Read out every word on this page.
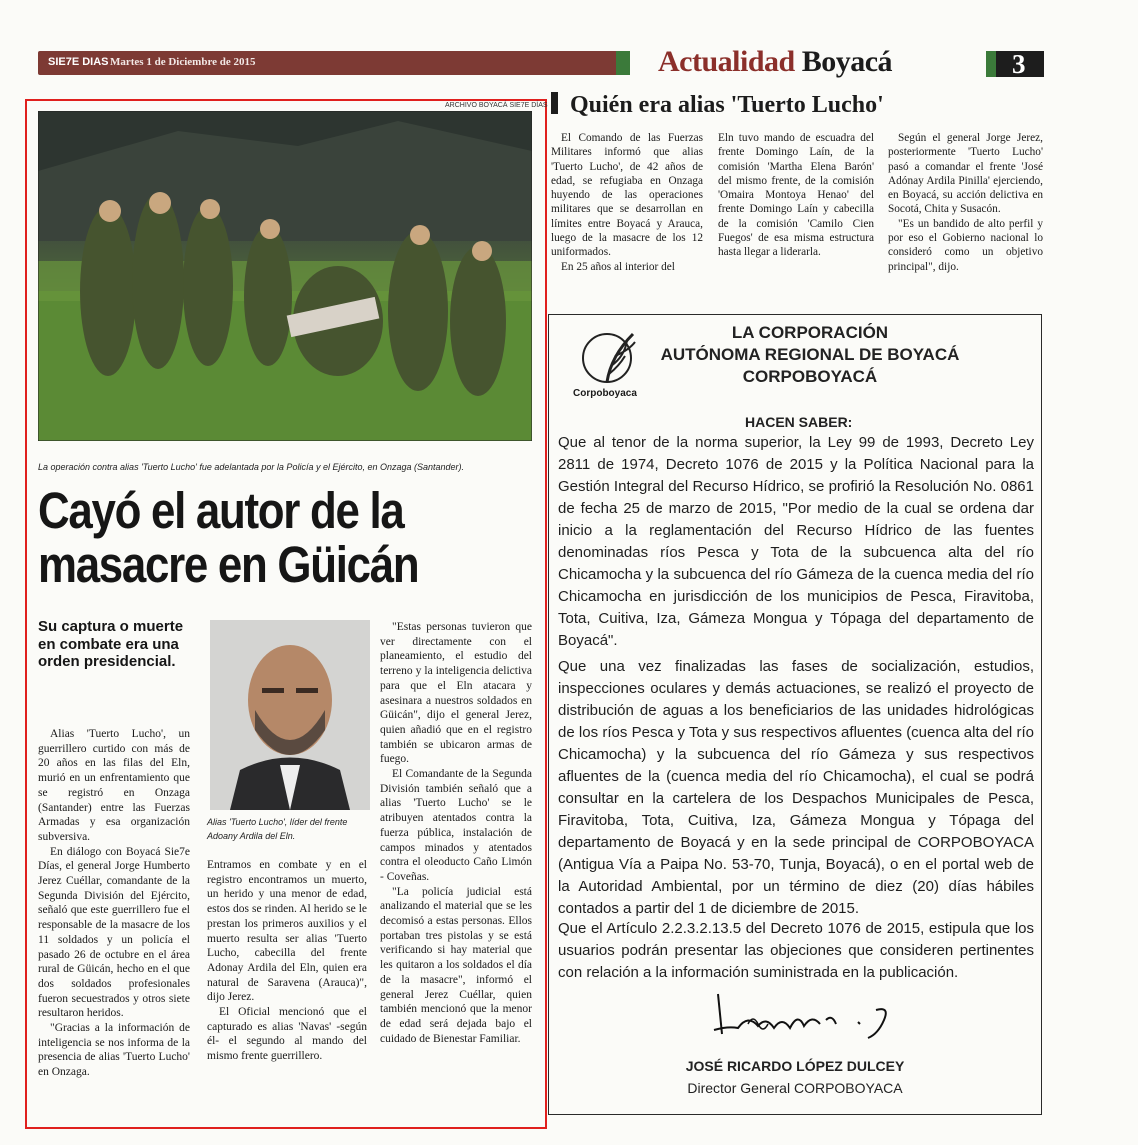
SIE7E DIAS Martes 1 de Diciembre de 2015	Actualidad Boyacá	3
ARCHIVO BOYACÁ SIE7E DÍAS
La operación contra alias 'Tuerto Lucho' fue adelantada por la Policía y el Ejército, en Onzaga (Santander).
Cayó el autor de la
masacre en Güicán
Su captura o muerte en combate era una orden presidencial.
Alias 'Tuerto Lucho', líder del frente Adoany Ardila del Eln.

Alias 'Tuerto Lucho', un guerrillero curtido con más de 20 años en las filas del Eln, murió en un enfrentamiento que se registró en Onzaga (Santander) entre las Fuerzas Armadas y esa organización subversiva.

En diálogo con Boyacá Sie7e Días, el general Jorge Humberto Jerez Cuéllar, comandante de la Segunda División del Ejército, señaló que este guerrillero fue el responsable de la masacre de los 11 soldados y un policía el pasado 26 de octubre en el área rural de Güicán, hecho en el que dos soldados profesionales fueron secuestrados y otros siete resultaron heridos.

"Gracias a la información de inteligencia se nos informa de la presencia de alias 'Tuerto Lucho' en Onzaga.

Entramos en combate y en el registro encontramos un muerto, un herido y una menor de edad, estos dos se rinden. Al herido se le prestan los primeros auxilios y el muerto resulta ser alias 'Tuerto Lucho, cabecilla del frente Adonay Ardila del Eln, quien era natural de Saravena (Arauca)", dijo Jerez.

El Oficial mencionó que el capturado es alias 'Navas' -según él- el segundo al mando del mismo frente guerrillero.

"Estas personas tuvieron que ver directamente con el planeamiento, el estudio del terreno y la inteligencia delictiva para que el Eln atacara y asesinara a nuestros soldados en Güicán", dijo el general Jerez, quien añadió que en el registro también se ubicaron armas de fuego.

El Comandante de la Segunda División también señaló que a alias 'Tuerto Lucho' se le atribuyen atentados contra la fuerza pública, instalación de campos minados y atentados contra el oleoducto Caño Limón - Coveñas.

"La policía judicial está analizando el material que se les decomisó a estas personas. Ellos portaban tres pistolas y se está verificando si hay material que les quitaron a los soldados el día de la masacre", informó el general Jerez Cuéllar, quien también mencionó que la menor de edad será dejada bajo el cuidado de Bienestar Familiar.

Quién era alias 'Tuerto Lucho'

El Comando de las Fuerzas Militares informó que alias 'Tuerto Lucho', de 42 años de edad, se refugiaba en Onzaga huyendo de las operaciones militares que se desarrollan en límites entre Boyacá y Arauca, luego de la masacre de los 12 uniformados.

En 25 años al interior del

Eln tuvo mando de escuadra del frente Domingo Laín, de la comisión 'Martha Elena Barón' del mismo frente, de la comisión 'Omaira Montoya Henao' del frente Domingo Laín y cabecilla de la comisión 'Camilo Cien Fuegos' de esa misma estructura hasta llegar a liderarla.

Según el general Jorge Jerez, posteriormente 'Tuerto Lucho' pasó a comandar el frente 'José Adónay Ardila Pinilla' ejerciendo, en Boyacá, su acción delictiva en Socotá, Chita y Susacón.

"Es un bandido de alto perfil y por eso el Gobierno nacional lo consideró como un objetivo principal", dijo.

Corpoboyaca
LA CORPORACIÓN
AUTÓNOMA REGIONAL DE BOYACÁ
CORPOBOYACÁ
HACEN SABER:
Que al tenor de la norma superior, la Ley 99 de 1993, Decreto Ley 2811 de 1974, Decreto 1076 de 2015 y la Política Nacional para la Gestión Integral del Recurso Hídrico, se profirió la Resolución No. 0861 de fecha 25 de marzo de 2015, "Por medio de la cual se ordena dar inicio a la reglamentación del Recurso Hídrico de las fuentes denominadas ríos Pesca y Tota de la subcuenca alta del río Chicamocha y la subcuenca del río Gámeza de la cuenca media del río Chicamocha en jurisdicción de los municipios de Pesca, Firavitoba, Tota, Cuitiva, Iza, Gámeza Mongua y Tópaga del departamento de Boyacá".
Que una vez finalizadas las fases de socialización, estudios, inspecciones oculares y demás actuaciones, se realizó el proyecto de distribución de aguas a los beneficiarios de las unidades hidrológicas de los ríos Pesca y Tota y sus respectivos afluentes (cuenca alta del río Chicamocha) y la subcuenca del río Gámeza y sus respectivos afluentes de la (cuenca media del río Chicamocha), el cual se podrá consultar en la cartelera de los Despachos Municipales de Pesca, Firavitoba, Tota, Cuitiva, Iza, Gámeza Mongua y Tópaga del departamento de Boyacá y en la sede principal de CORPOBOYACA (Antigua Vía a Paipa No. 53-70, Tunja, Boyacá), o en el portal web de la Autoridad Ambiental, por un término de diez (20) días hábiles contados a partir del 1 de diciembre de 2015.
Que el Artículo 2.2.3.2.13.5 del Decreto 1076 de 2015, estipula que los usuarios podrán presentar las objeciones que consideren pertinentes con relación a la información suministrada en la publicación.
JOSÉ RICARDO LÓPEZ DULCEY
Director General CORPOBOYACA
